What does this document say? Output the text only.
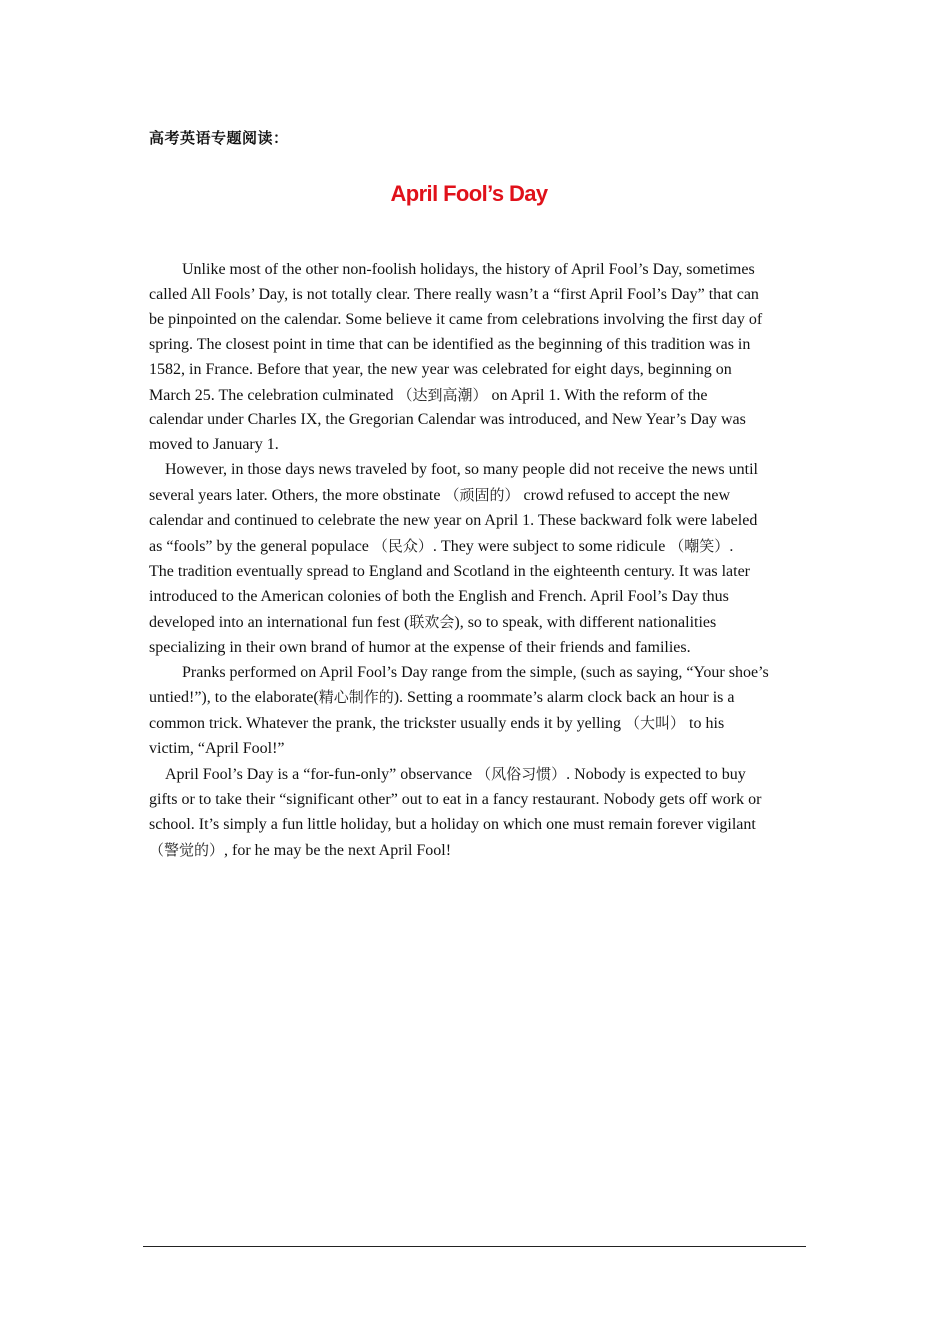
高考英语专题阅读：
April Fool’s Day
Unlike most of the other non-foolish holidays, the history of April Fool’s Day, sometimes
called All Fools’ Day, is not totally clear. There really wasn’t a “first April Fool’s Day” that can
be pinpointed on the calendar. Some believe it came from celebrations involving the first day of
spring. The closest point in time that can be identified as the beginning of this tradition was in
1582, in France. Before that year, the new year was celebrated for eight days, beginning on
March 25. The celebration culminated （达到高潮） on April 1. With the reform of the
calendar under Charles IX, the Gregorian Calendar was introduced, and New Year’s Day was
moved to January 1.
However, in those days news traveled by foot, so many people did not receive the news until
several years later. Others, the more obstinate （顽固的） crowd refused to accept the new
calendar and continued to celebrate the new year on April 1. These backward folk were labeled
as “fools” by the general populace （民众）. They were subject to some ridicule （嘲笑）.
The tradition eventually spread to England and Scotland in the eighteenth century. It was later
introduced to the American colonies of both the English and French. April Fool’s Day thus
developed into an international fun fest (联欢会), so to speak, with different nationalities
specializing in their own brand of humor at the expense of their friends and families.
Pranks performed on April Fool’s Day range from the simple, (such as saying, “Your shoe’s
untied!”), to the elaborate(精心制作的). Setting a roommate’s alarm clock back an hour is a
common trick. Whatever the prank, the trickster usually ends it by yelling （大叫） to his
victim, “April Fool!”
April Fool’s Day is a “for-fun-only” observance （风俗习惯）. Nobody is expected to buy
gifts or to take their “significant other” out to eat in a fancy restaurant. Nobody gets off work or
school. It’s simply a fun little holiday, but a holiday on which one must remain forever vigilant
（警觉的）, for he may be the next April Fool!
